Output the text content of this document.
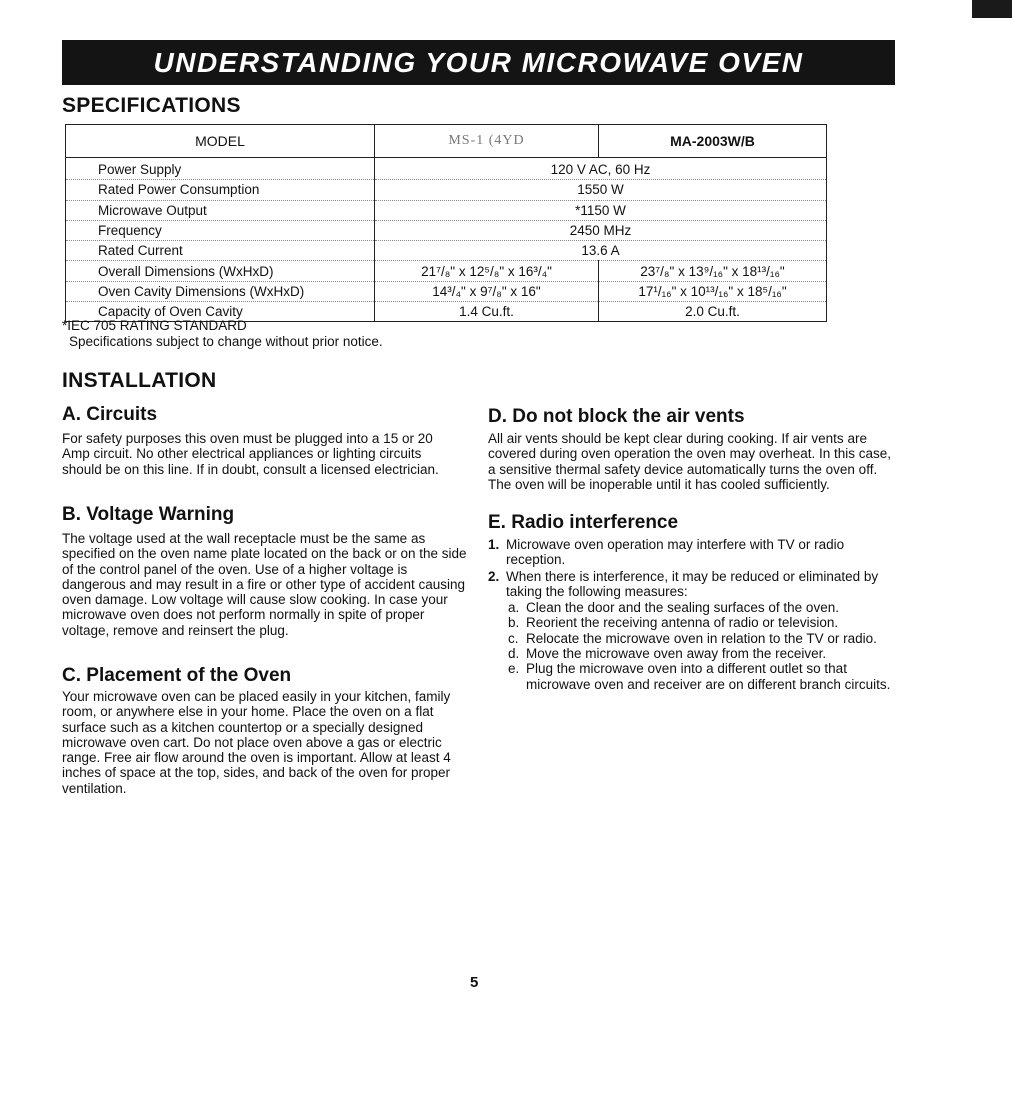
UNDERSTANDING YOUR MICROWAVE OVEN
SPECIFICATIONS
MODEL	MS-1 (4YD	MA-2003W/B
Power Supply	120 V AC, 60 Hz	
Rated Power Consumption	1550 W	
Microwave Output	*1150 W	
Frequency	2450 MHz	
Rated Current	13.6 A	
Overall Dimensions (WxHxD)	21⁷/₈" x 12⁵/₈" x 16³/₄"	23⁷/₈" x 13⁹/₁₆" x 18¹³/₁₆"
Oven Cavity Dimensions (WxHxD)	14³/₄" x 9⁷/₈" x 16"	17¹/₁₆" x 10¹³/₁₆" x 18⁵/₁₆"
Capacity of Oven Cavity	1.4 Cu.ft.	2.0 Cu.ft.
*IEC 705 RATING STANDARD
Specifications subject to change without prior notice.
INSTALLATION
A. Circuits

For safety purposes this oven must be plugged into a 15 or 20 Amp circuit. No other electrical appliances or lighting circuits should be on this line. If in doubt, consult a licensed electrician.

B. Voltage Warning

The voltage used at the wall receptacle must be the same as specified on the oven name plate located on the back or on the side of the control panel of the oven. Use of a higher voltage is dangerous and may result in a fire or other type of accident causing oven damage. Low voltage will cause slow cooking. In case your microwave oven does not perform normally in spite of proper voltage, remove and reinsert the plug.

C. Placement of the Oven

Your microwave oven can be placed easily in your kitchen, family room, or anywhere else in your home. Place the oven on a flat surface such as a kitchen countertop or a specially designed microwave oven cart. Do not place oven above a gas or electric range. Free air flow around the oven is important. Allow at least 4 inches of space at the top, sides, and back of the oven for proper ventilation.

D. Do not block the air vents

All air vents should be kept clear during cooking. If air vents are covered during oven operation the oven may overheat. In this case, a sensitive thermal safety device automatically turns the oven off. The oven will be inoperable until it has cooled sufficiently.

E. Radio interference
1. Microwave oven operation may interfere with TV or radio reception.
2. When there is interference, it may be reduced or eliminated by taking the following measures:
a. Clean the door and the sealing surfaces of the oven.
b. Reorient the receiving antenna of radio or television.
c. Relocate the microwave oven in relation to the TV or radio.
d. Move the microwave oven away from the receiver.
e. Plug the microwave oven into a different outlet so that microwave oven and receiver are on different branch circuits.
5
